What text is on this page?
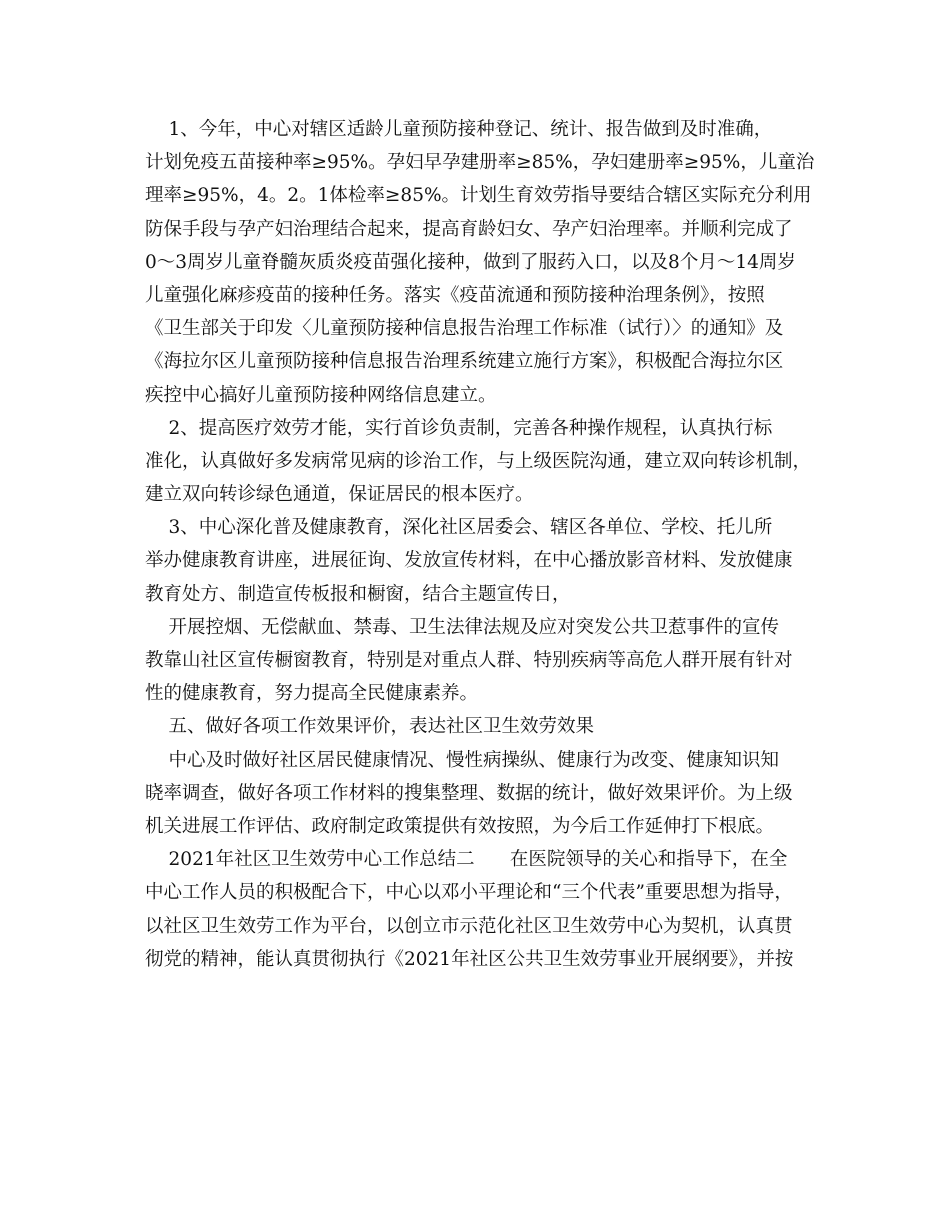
1、今年，中心对辖区适龄儿童预防接种登记、统计、报告做到及时准确，
计划免疫五苗接种率≥95%。孕妇早孕建册率≥85%，孕妇建册率≥95%，儿童治
理率≥95%，4。2。1体检率≥85%。计划生育效劳指导要结合辖区实际充分利用
防保手段与孕产妇治理结合起来，提高育龄妇女、孕产妇治理率。并顺利完成了
0～3周岁儿童脊髓灰质炎疫苗强化接种，做到了服药入口，以及8个月～14周岁
儿童强化麻疹疫苗的接种任务。落实《疫苗流通和预防接种治理条例》，按照
《卫生部关于印发〈儿童预防接种信息报告治理工作标准（试行）〉的通知》及
《海拉尔区儿童预防接种信息报告治理系统建立施行方案》，积极配合海拉尔区
疾控中心搞好儿童预防接种网络信息建立。
2、提高医疗效劳才能，实行首诊负责制，完善各种操作规程，认真执行标
准化，认真做好多发病常见病的诊治工作，与上级医院沟通，建立双向转诊机制，
建立双向转诊绿色通道，保证居民的根本医疗。
3、中心深化普及健康教育，深化社区居委会、辖区各单位、学校、托儿所
举办健康教育讲座，进展征询、发放宣传材料，在中心播放影音材料、发放健康
教育处方、制造宣传板报和橱窗，结合主题宣传日，
开展控烟、无偿献血、禁毒、卫生法律法规及应对突发公共卫惹事件的宣传
教靠山社区宣传橱窗教育，特别是对重点人群、特别疾病等高危人群开展有针对
性的健康教育，努力提高全民健康素养。
五、做好各项工作效果评价，表达社区卫生效劳效果
中心及时做好社区居民健康情况、慢性病操纵、健康行为改变、健康知识知
晓率调查，做好各项工作材料的搜集整理、数据的统计，做好效果评价。为上级
机关进展工作评估、政府制定政策提供有效按照，为今后工作延伸打下根底。
2021年社区卫生效劳中心工作总结二      在医院领导的关心和指导下，在全
中心工作人员的积极配合下，中心以邓小平理论和“三个代表”重要思想为指导，
以社区卫生效劳工作为平台，以创立市示范化社区卫生效劳中心为契机，认真贯
彻党的精神，能认真贯彻执行《2021年社区公共卫生效劳事业开展纲要》，并按
